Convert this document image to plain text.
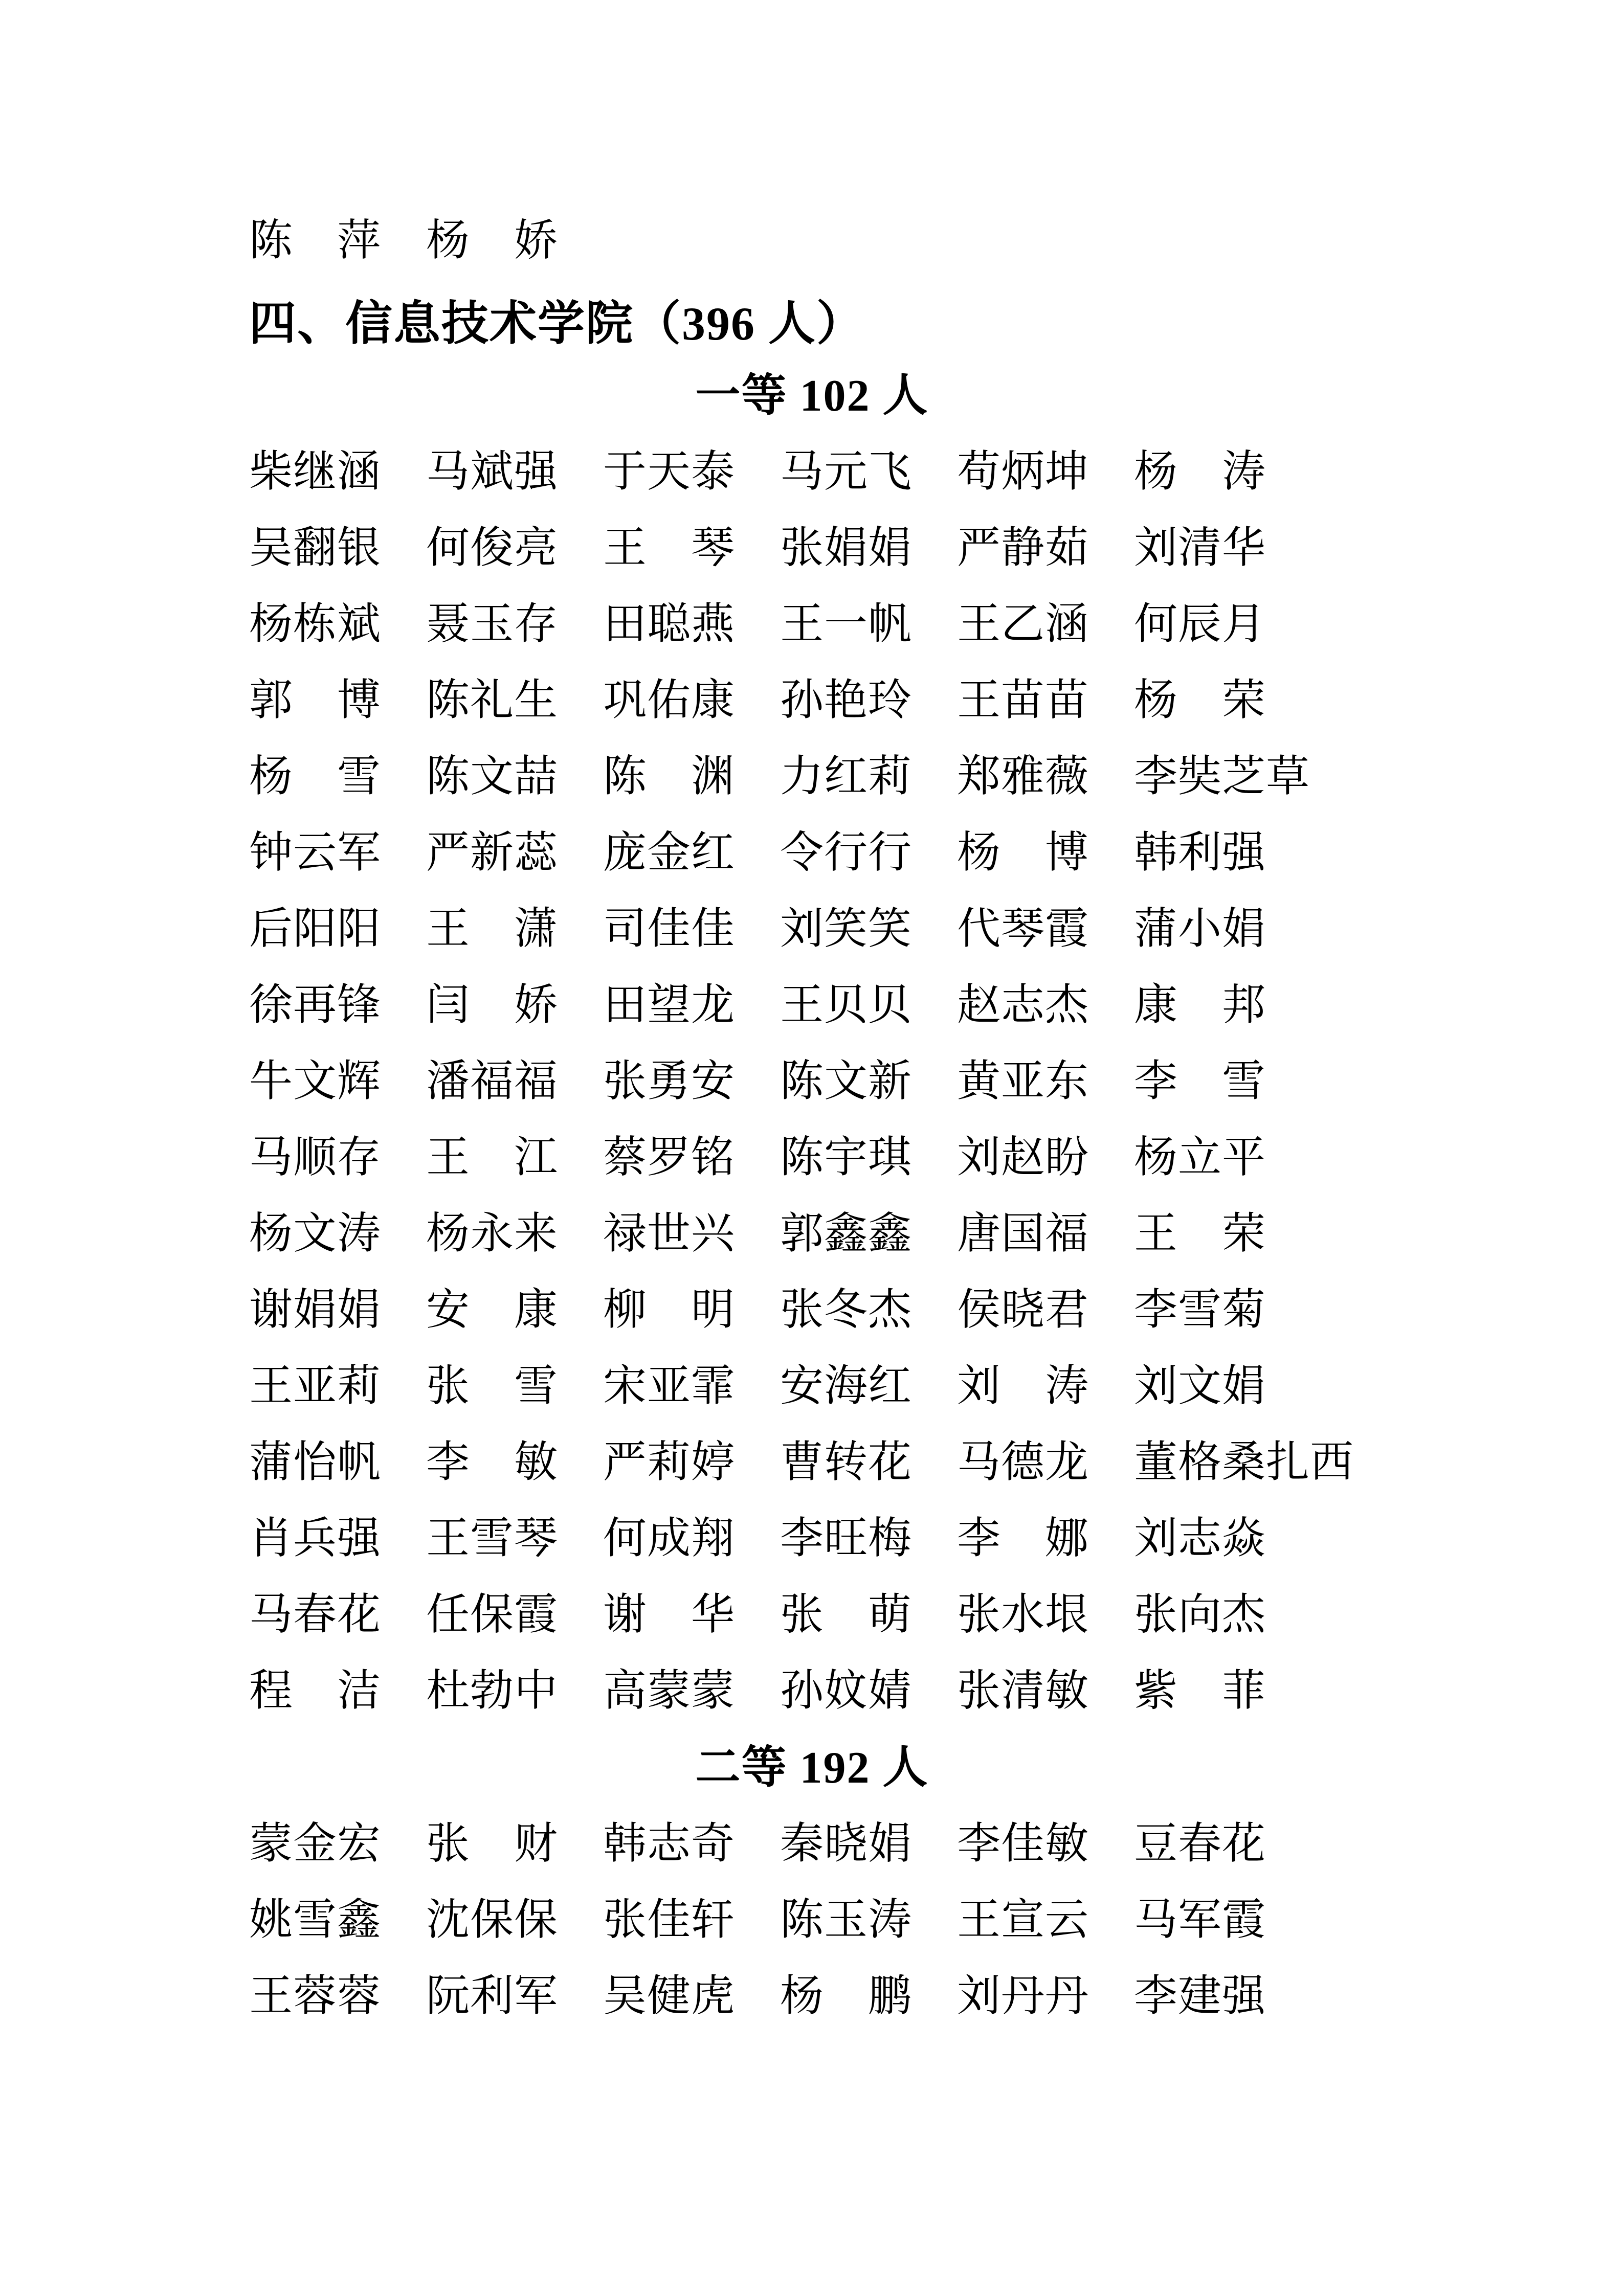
陈　萍 杨　娇
四、信息技术学院（396 人）
一等 102 人
柴继涵 马斌强 于天泰 马元飞 苟炳坤 杨　涛
吴翻银 何俊亮 王　琴 张娟娟 严静茹 刘清华
杨栋斌 聂玉存 田聪燕 王一帆 王乙涵 何辰月
郭　博 陈礼生 巩佑康 孙艳玲 王苗苗 杨　荣
杨　雪 陈文喆 陈　渊 力红莉 郑雅薇 李奘芝草
钟云军 严新蕊 庞金红 令行行 杨　博 韩利强
后阳阳 王　潇 司佳佳 刘笑笑 代琴霞 蒲小娟
徐再锋 闫　娇 田望龙 王贝贝 赵志杰 康　邦
牛文辉 潘福福 张勇安 陈文新 黄亚东 李　雪
马顺存 王　江 蔡罗铭 陈宇琪 刘赵盼 杨立平
杨文涛 杨永来 禄世兴 郭鑫鑫 唐国福 王　荣
谢娟娟 安　康 柳　明 张冬杰 侯晓君 李雪菊
王亚莉 张　雪 宋亚霏 安海红 刘　涛 刘文娟
蒲怡帆 李　敏 严莉婷 曹转花 马德龙 董格桑扎西
肖兵强 王雪琴 何成翔 李旺梅 李　娜 刘志焱
马春花 任保霞 谢　华 张　萌 张水垠 张向杰
程　洁 杜勃中 高蒙蒙 孙妏婧 张清敏 紫　菲
二等 192 人
蒙金宏 张　财 韩志奇 秦晓娟 李佳敏 豆春花
姚雪鑫 沈保保 张佳轩 陈玉涛 王宣云 马军霞
王蓉蓉 阮利军 吴健虎 杨　鹏 刘丹丹 李建强
